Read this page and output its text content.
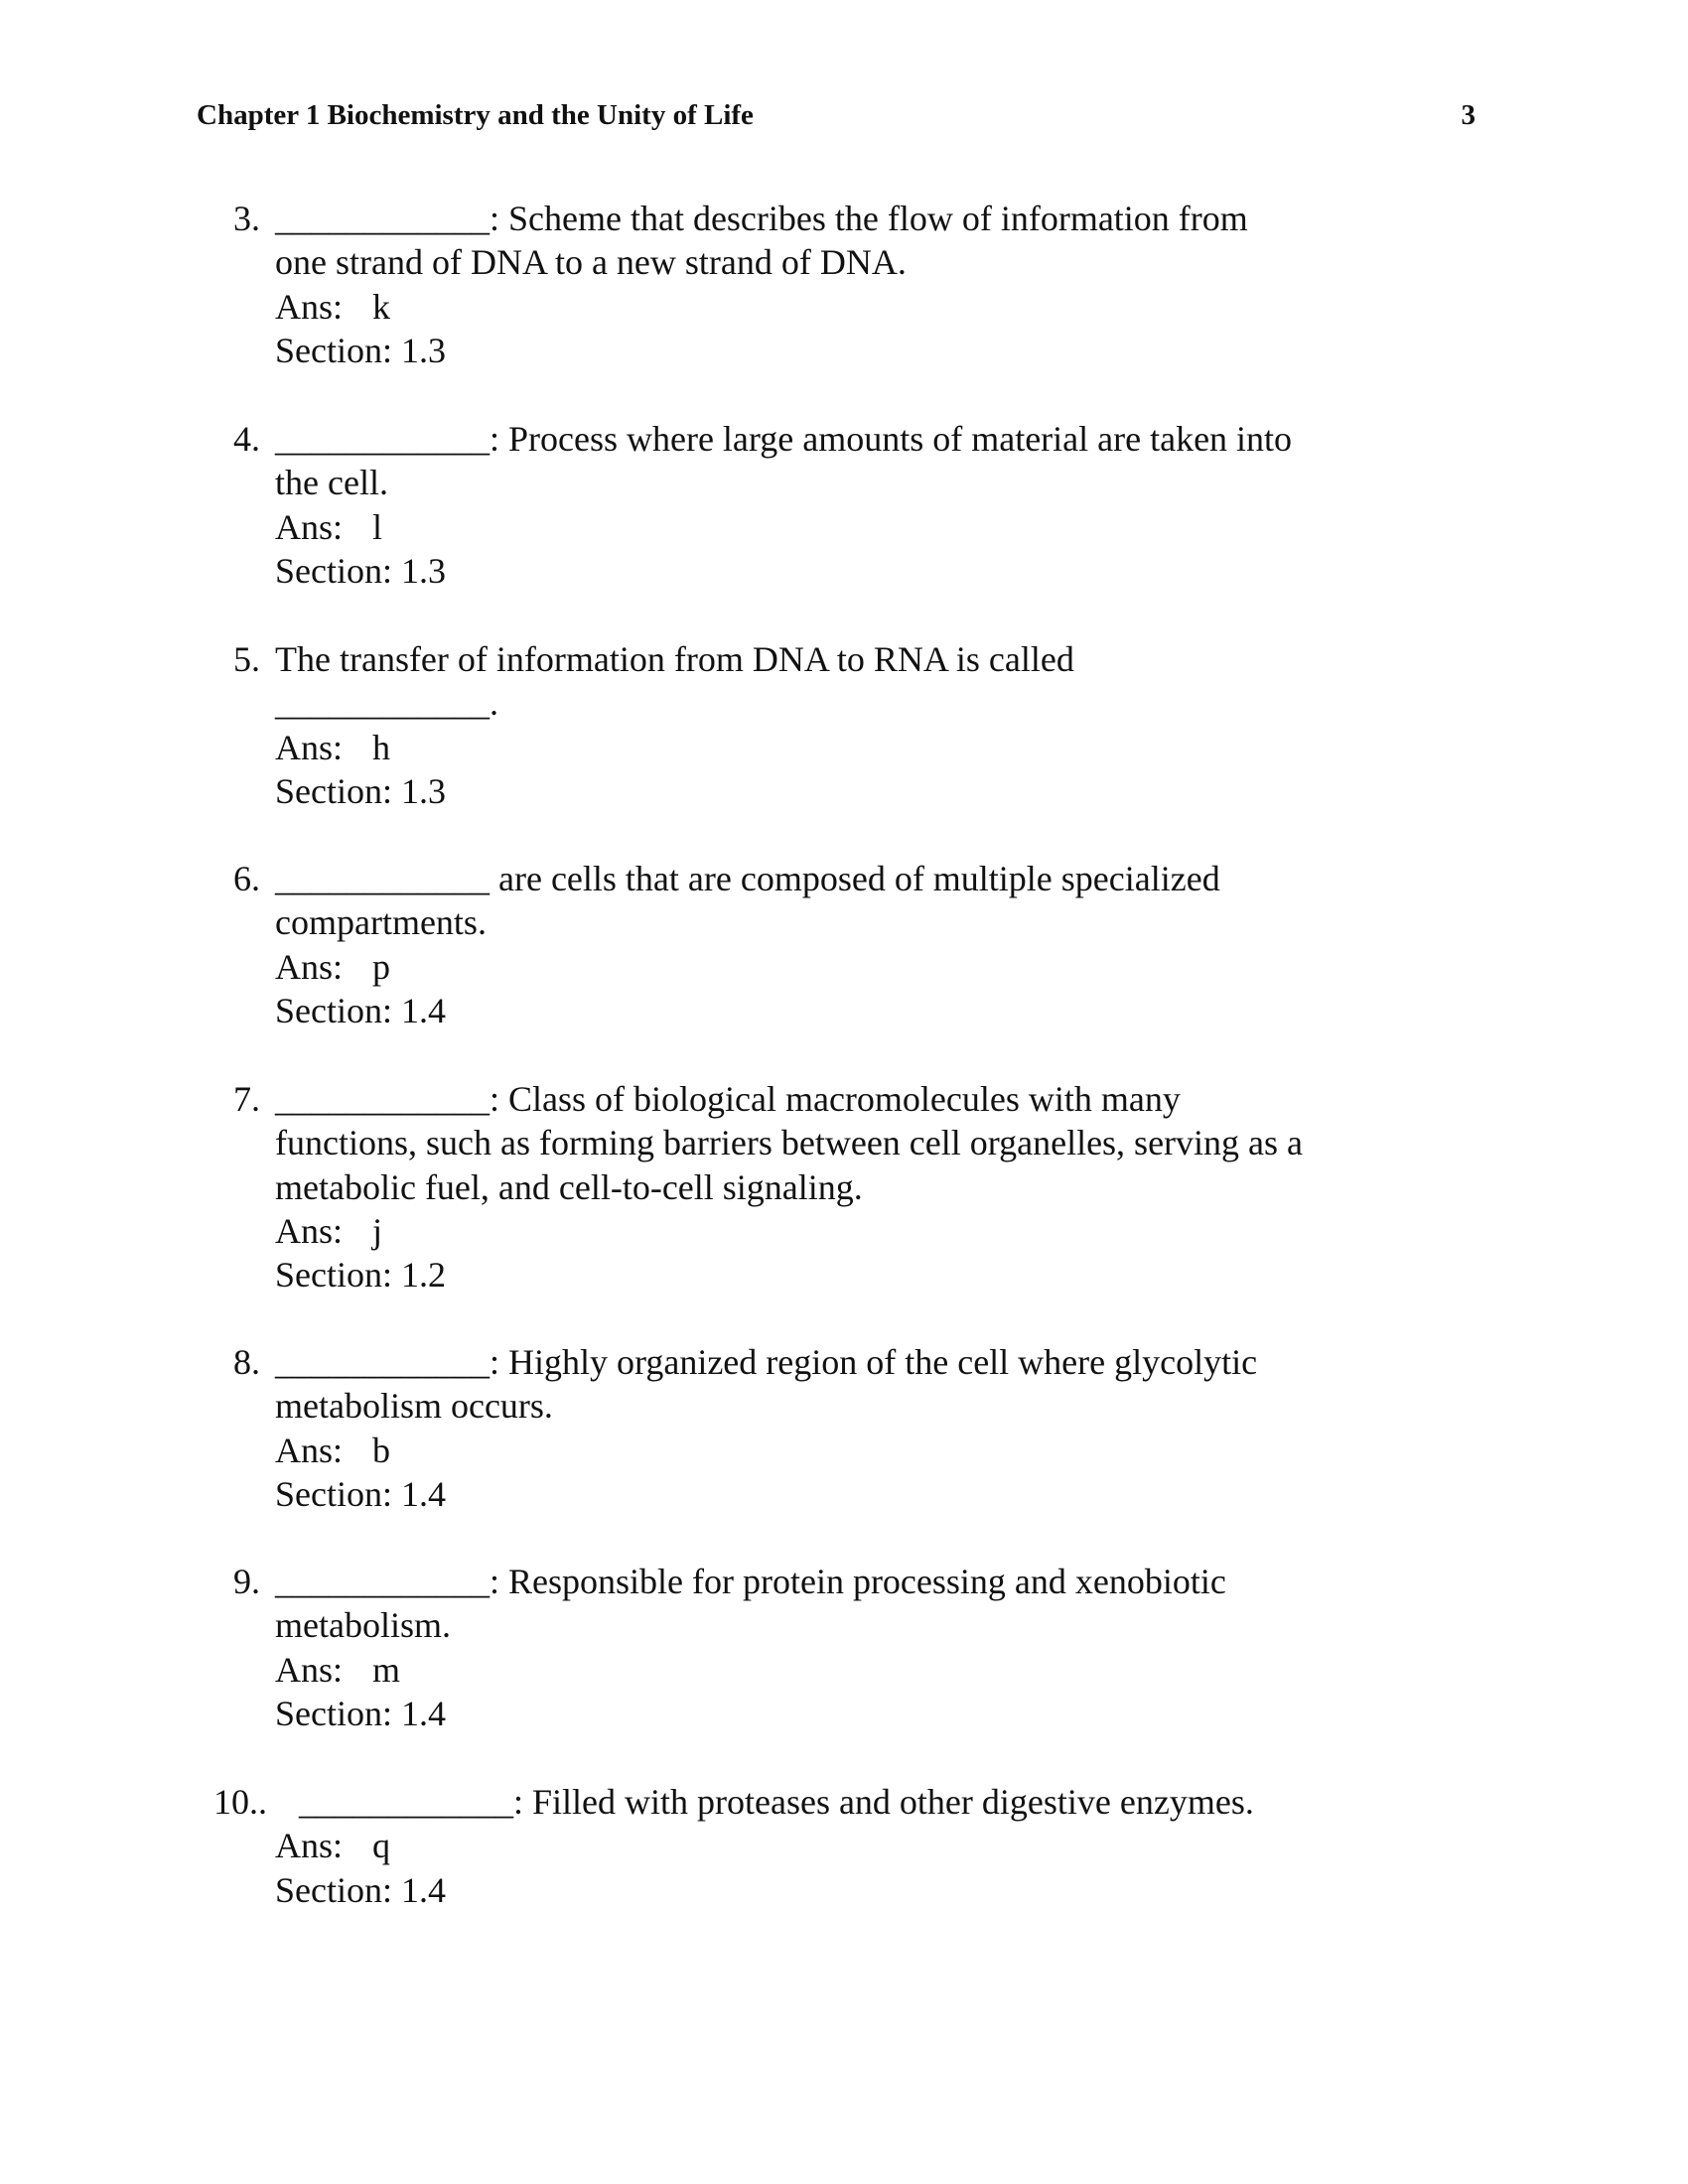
Chapter 1 Biochemistry and the Unity of Life	3
3. ____________: Scheme that describes the flow of information from
one strand of DNA to a new strand of DNA.
Ans: k
Section: 1.3
4. ____________: Process where large amounts of material are taken into
the cell.
Ans: l
Section: 1.3
5. The transfer of information from DNA to RNA is called
____________.
Ans: h
Section: 1.3
6. ____________ are cells that are composed of multiple specialized
compartments.
Ans: p
Section: 1.4
7. ____________: Class of biological macromolecules with many
functions, such as forming barriers between cell organelles, serving as a
metabolic fuel, and cell-to-cell signaling.
Ans: j
Section: 1.2
8. ____________: Highly organized region of the cell where glycolytic
metabolism occurs.
Ans: b
Section: 1.4
9. ____________: Responsible for protein processing and xenobiotic
metabolism.
Ans: m
Section: 1.4
10.. ____________: Filled with proteases and other digestive enzymes.
Ans: q
Section: 1.4
